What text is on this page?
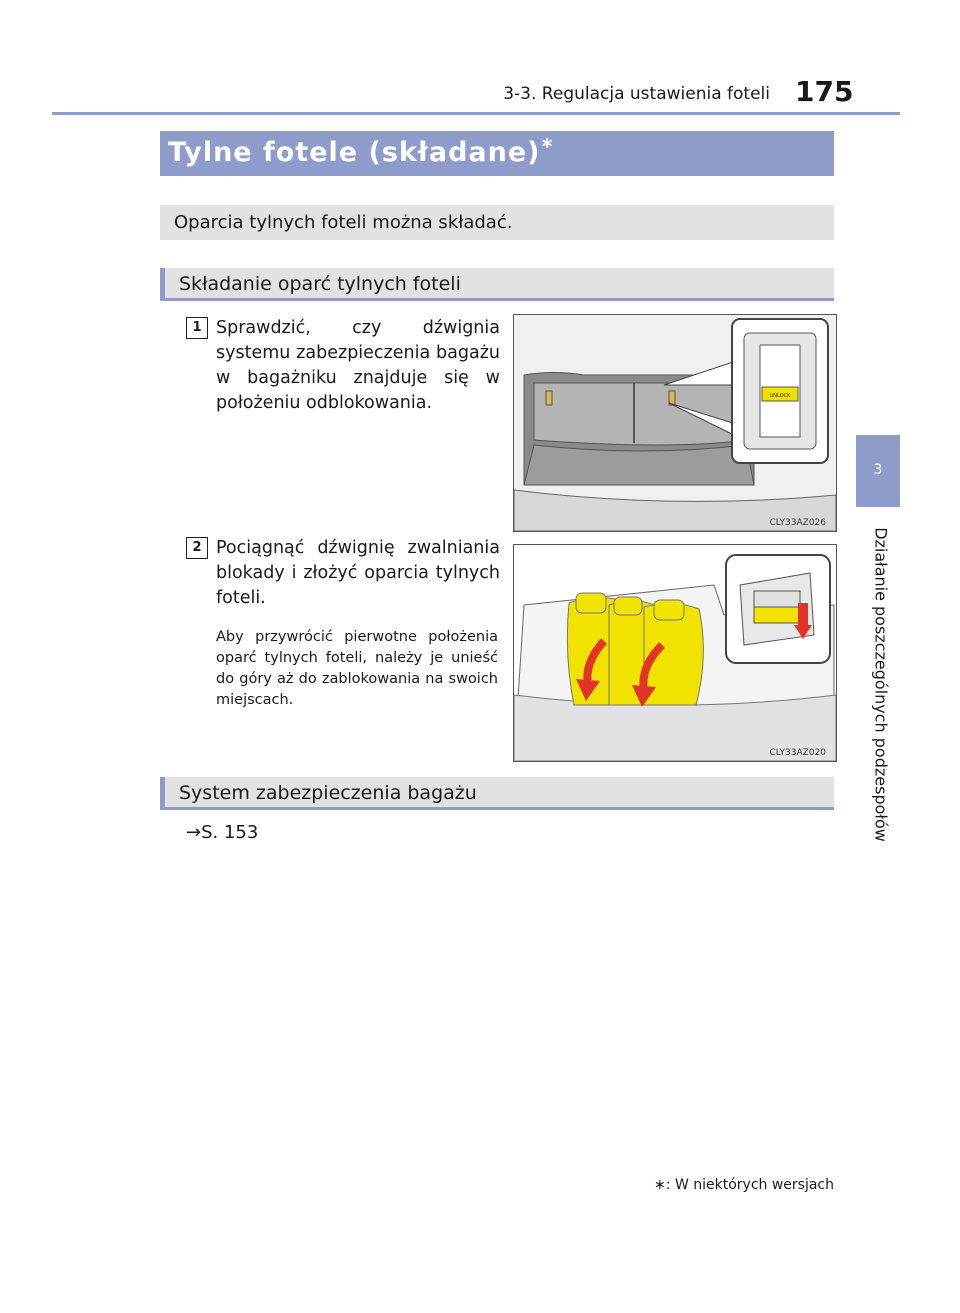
3-3. Regulacja ustawienia foteli 175
3
Działanie poszczególnych podzespołów
Tylne fotele (składane)∗
Oparcia tylnych foteli można składać.
Składanie oparć tylnych foteli
1 Sprawdzić, czy dźwignia systemu zabezpieczenia bagażu w bagażniku znajduje się w położeniu odblokowania.	UNLOCK
CLY33AZ026
2 Pociągnąć dźwignię zwalniania blokady i złożyć oparcia tylnych foteli.
Aby przywrócić pierwotne położenia oparć tylnych foteli, należy je unieść do góry aż do zablokowania na swoich miejscach.
CLY33AZ020
System zabezpieczenia bagażu
→S. 153
∗: W niektórych wersjach
